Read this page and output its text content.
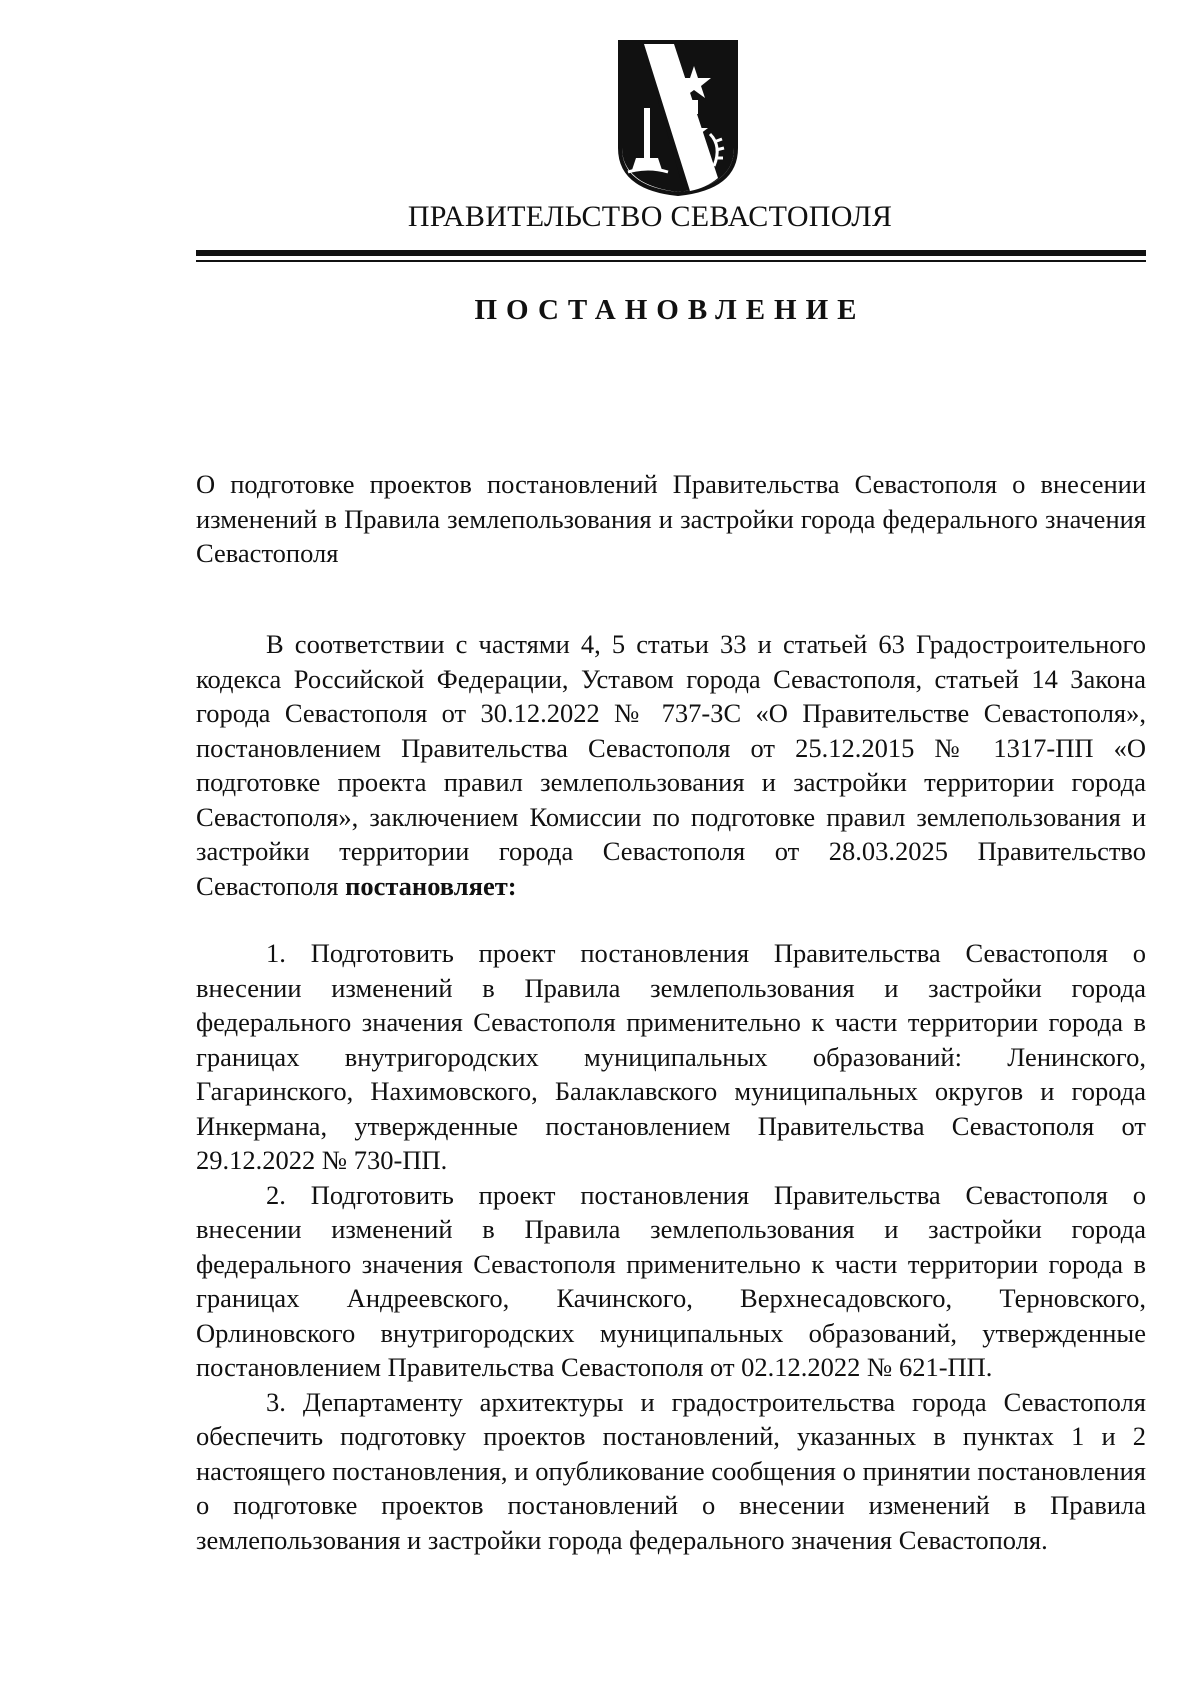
ПРАВИТЕЛЬСТВО СЕВАСТОПОЛЯ
ПОСТАНОВЛЕНИЕ
О подготовке проектов постановлений Правительства Севастополя о внесении изменений в Правила землепользования и застройки города федерального значения Севастополя

В соответствии с частями 4, 5 статьи 33 и статьей 63 Градостроительного кодекса Российской Федерации, Уставом города Севастополя, статьей 14 Закона города Севастополя от 30.12.2022 № 737-ЗС «О Правительстве Севастополя», постановлением Правительства Севастополя от 25.12.2015 № 1317-ПП «О подготовке проекта правил землепользования и застройки территории города Севастополя», заключением Комиссии по подготовке правил землепользования и застройки территории города Севастополя от 28.03.2025 Правительство Севастополя постановляет:

1. Подготовить проект постановления Правительства Севастополя о внесении изменений в Правила землепользования и застройки города федерального значения Севастополя применительно к части территории города в границах внутригородских муниципальных образований: Ленинского, Гагаринского, Нахимовского, Балаклавского муниципальных округов и города Инкермана, утвержденные постановлением Правительства Севастополя от 29.12.2022 № 730-ПП.

2. Подготовить проект постановления Правительства Севастополя о внесении изменений в Правила землепользования и застройки города федерального значения Севастополя применительно к части территории города в границах Андреевского, Качинского, Верхнесадовского, Терновского, Орлиновского внутригородских муниципальных образований, утвержденные постановлением Правительства Севастополя от 02.12.2022 № 621-ПП.

3. Департаменту архитектуры и градостроительства города Севастополя обеспечить подготовку проектов постановлений, указанных в пунктах 1 и 2 настоящего постановления, и опубликование сообщения о принятии постановления о подготовке проектов постановлений о внесении изменений в Правила землепользования и застройки города федерального значения Севастополя.
